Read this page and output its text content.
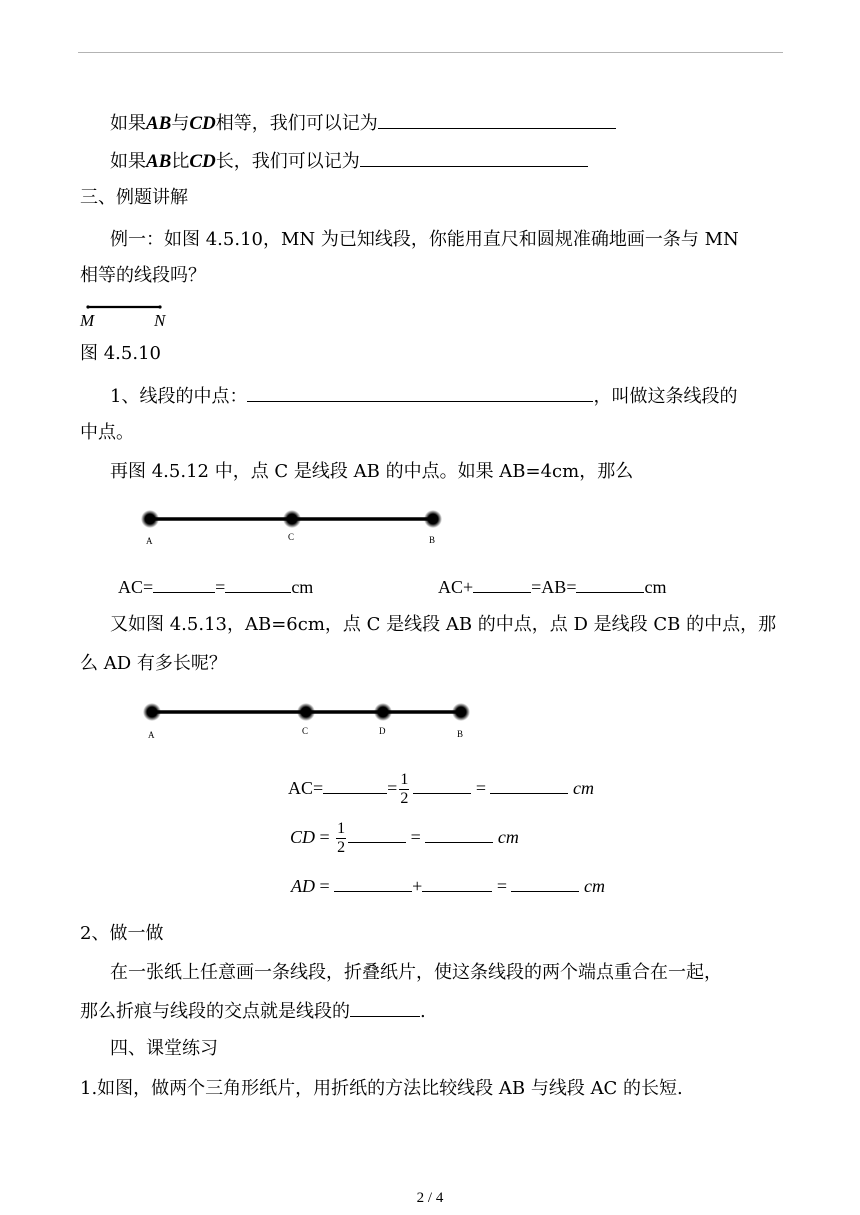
如果AB与CD相等，我们可以记为
如果AB比CD长，我们可以记为
三、例题讲解
例一：如图 4.5.10，MN 为已知线段，你能用直尺和圆规准确地画一条与 MN
相等的线段吗？
M	N
图 4.5.10
1、线段的中点：	，叫做这条线段的
中点。
再图 4.5.12 中，点 C 是线段 AB 的中点。如果 AB=4cm，那么
A	C	B
AC=	=	cm	AC+	=AB=	cm
又如图 4.5.13，AB=6cm，点 C 是线段 AB 的中点，点 D 是线段 CB 的中点，那
么 AD 有多长呢？
A	C	D	B
AC=	= $\frac{1}{2}$	=	cm
CD = $\frac{1}{2}$	=	cm
AD =	+	=	cm
2、做一做
在一张纸上任意画一条线段，折叠纸片，使这条线段的两个端点重合在一起，
那么折痕与线段的交点就是线段的	.
四、课堂练习
1.如图，做两个三角形纸片，用折纸的方法比较线段 AB 与线段 AC 的长短.
2 / 4
